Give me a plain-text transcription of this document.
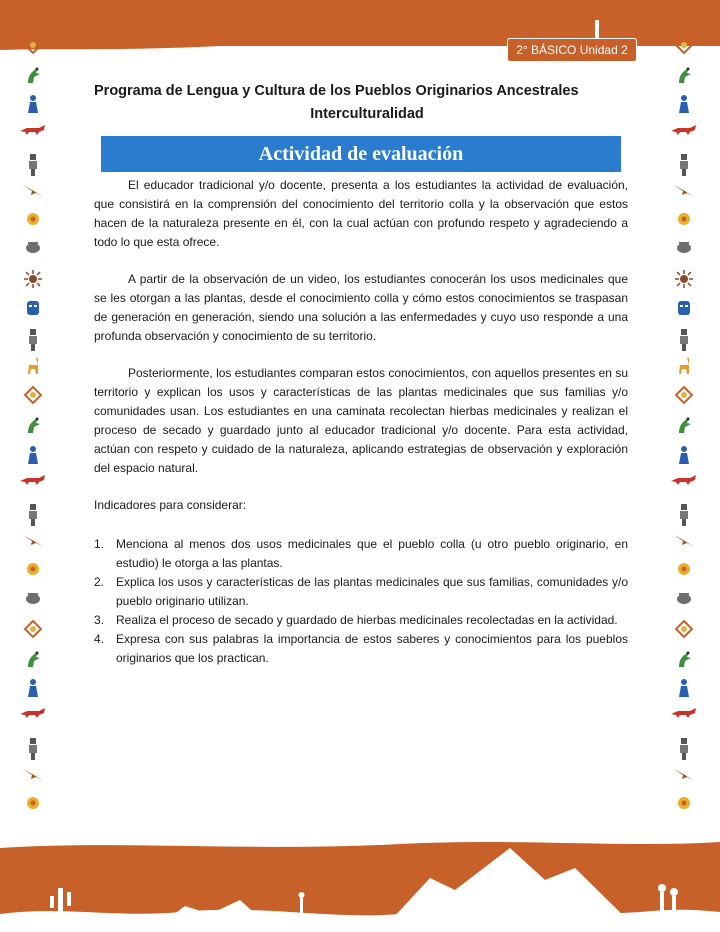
2° BÁSICO Unidad 2
Programa de Lengua y Cultura de los Pueblos Originarios Ancestrales
Interculturalidad
Actividad de evaluación

El educador tradicional y/o docente, presenta a los estudiantes la actividad de evaluación, que consistirá en la comprensión del conocimiento del territorio colla y la observación que estos hacen de la naturaleza presente en él, con la cual actúan con profundo respeto y agradeciendo a todo lo que esta ofrece.

A partir de la observación de un video, los estudiantes conocerán los usos medicinales que se les otorgan a las plantas, desde el conocimiento colla y cómo estos conocimientos se traspasan de generación en generación, siendo una solución a las enfermedades y cuyo uso responde a una profunda observación y conocimiento de su territorio.

Posteriormente, los estudiantes comparan estos conocimientos, con aquellos presentes en su territorio y explican los usos y características de las plantas medicinales que sus familias y/o comunidades usan. Los estudiantes en una caminata recolectan hierbas medicinales y realizan el proceso de secado y guardado junto al educador tradicional y/o docente. Para esta actividad, actúan con respeto y cuidado de la naturaleza, aplicando estrategias de observación y exploración del espacio natural.

Indicadores para considerar:

1. Menciona al menos dos usos medicinales que el pueblo colla (u otro pueblo originario, en estudio) le otorga a las plantas.
2. Explica los usos y características de las plantas medicinales que sus familias, comunidades y/o pueblo originario utilizan.
3. Realiza el proceso de secado y guardado de hierbas medicinales recolectadas en la actividad.
4. Expresa con sus palabras la importancia de estos saberes y conocimientos para los pueblos originarios que los practican.
